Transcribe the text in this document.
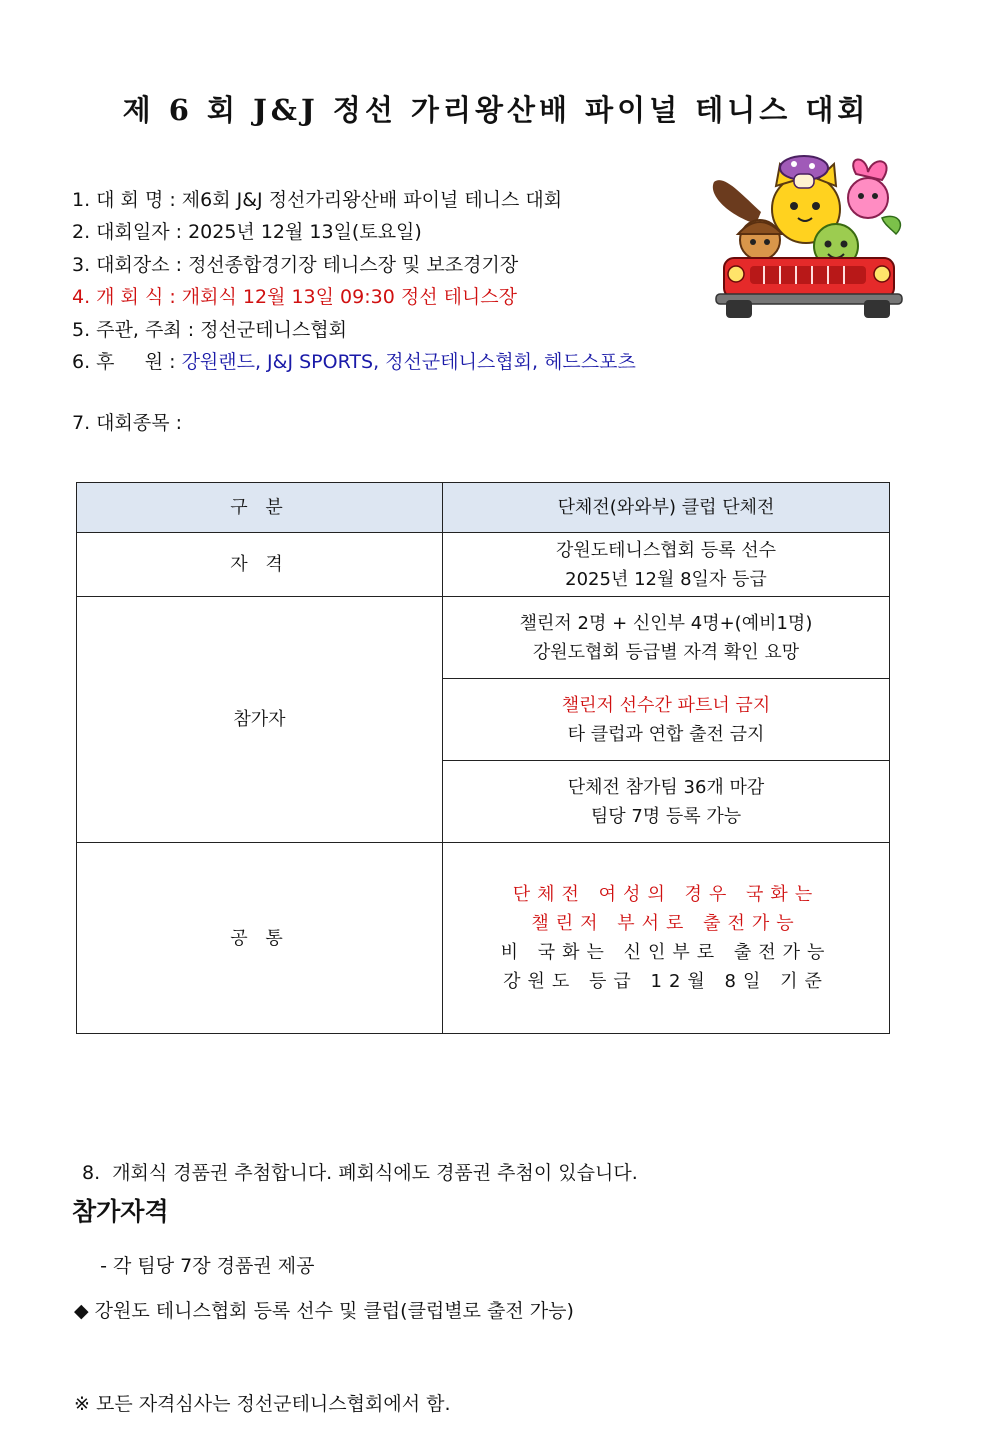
제 6 회 J&J 정선 가리왕산배 파이널 테니스 대회
1. 대 회 명 : 제6회 J&J 정선가리왕산배 파이널 테니스 대회
2. 대회일자 : 2025년 12월 13일(토요일)
3. 대회장소 : 정선종합경기장 테니스장 및 보조경기장
4. 개 회 식 : 개회식 12월 13일 09:30 정선 테니스장
5. 주관, 주최 : 정선군테니스협회
6. 후     원 : 강원랜드, J&J SPORTS, 정선군테니스협회, 헤드스포츠
7. 대회종목 :
구 분	단체전(와와부) 클럽 단체전
자 격	강원도테니스협회 등록 선수
2025년 12월 8일자 등급

참가자	챌린저 2명 + 신인부 4명+(예비1명)
강원도협회 등급별 자격 확인 요망

	챌린저 선수간 파트너 금지
타 클럽과 연합 출전 금지

	단체전 참가팀 36개 마감
팀당 7명 등록 가능

공 통	단체전 여성의 경우 국화는
챌린저 부서로 출전가능
비 국화는 신인부로 출전가능
강원도 등급 12월 8일 기준

8.  개회식 경품권 추첨합니다. 폐회식에도 경품권 추첨이 있습니다.

- 각 팀당 7장 경품권 제공

참가자격

◆ 강원도 테니스협회 등록 선수 및 클럽(클럽별로 출전 가능)

※ 모든 자격심사는 정선군테니스협회에서 함.
